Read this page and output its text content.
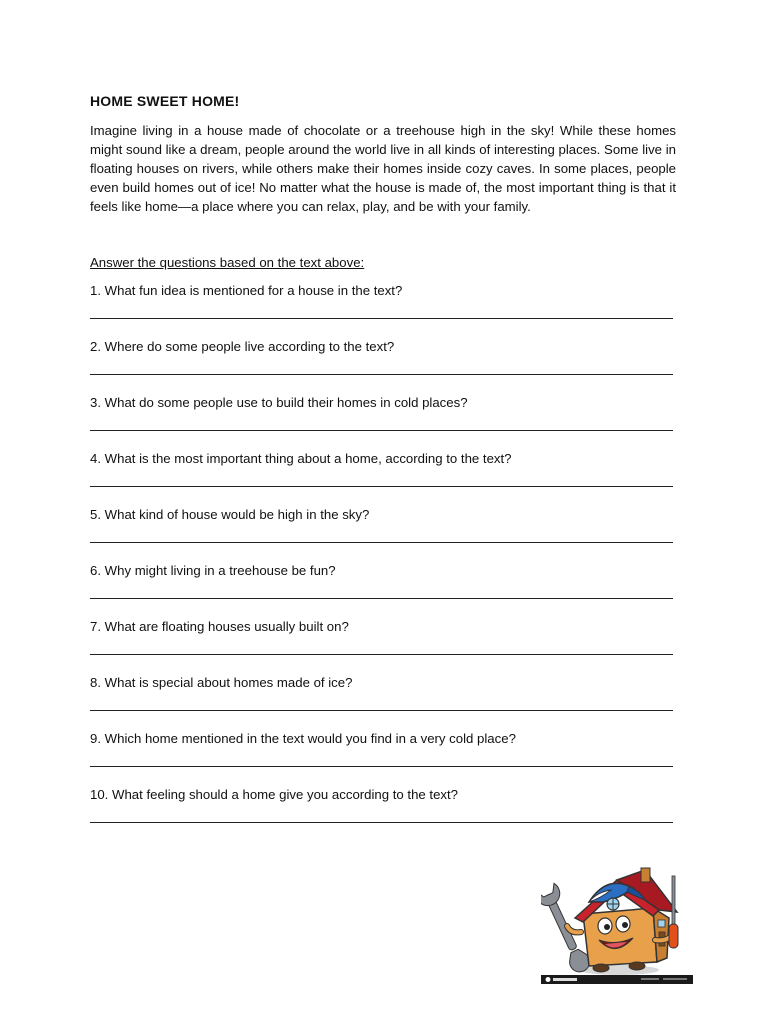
HOME SWEET HOME!

Imagine living in a house made of chocolate or a treehouse high in the sky! While these homes might sound like a dream, people around the world live in all kinds of interesting places. Some live in floating houses on rivers, while others make their homes inside cozy caves. In some places, people even build homes out of ice! No matter what the house is made of, the most important thing is that it feels like home—a place where you can relax, play, and be with your family.

Answer the questions based on the text above:
1. What fun idea is mentioned for a house in the text?
2. Where do some people live according to the text?
3. What do some people use to build their homes in cold places?
4. What is the most important thing about a home, according to the text?
5. What kind of house would be high in the sky?
6. Why might living in a treehouse be fun?
7. What are floating houses usually built on?
8. What is special about homes made of ice?
9. Which home mentioned in the text would you find in a very cold place?
10. What feeling should a home give you according to the text?
